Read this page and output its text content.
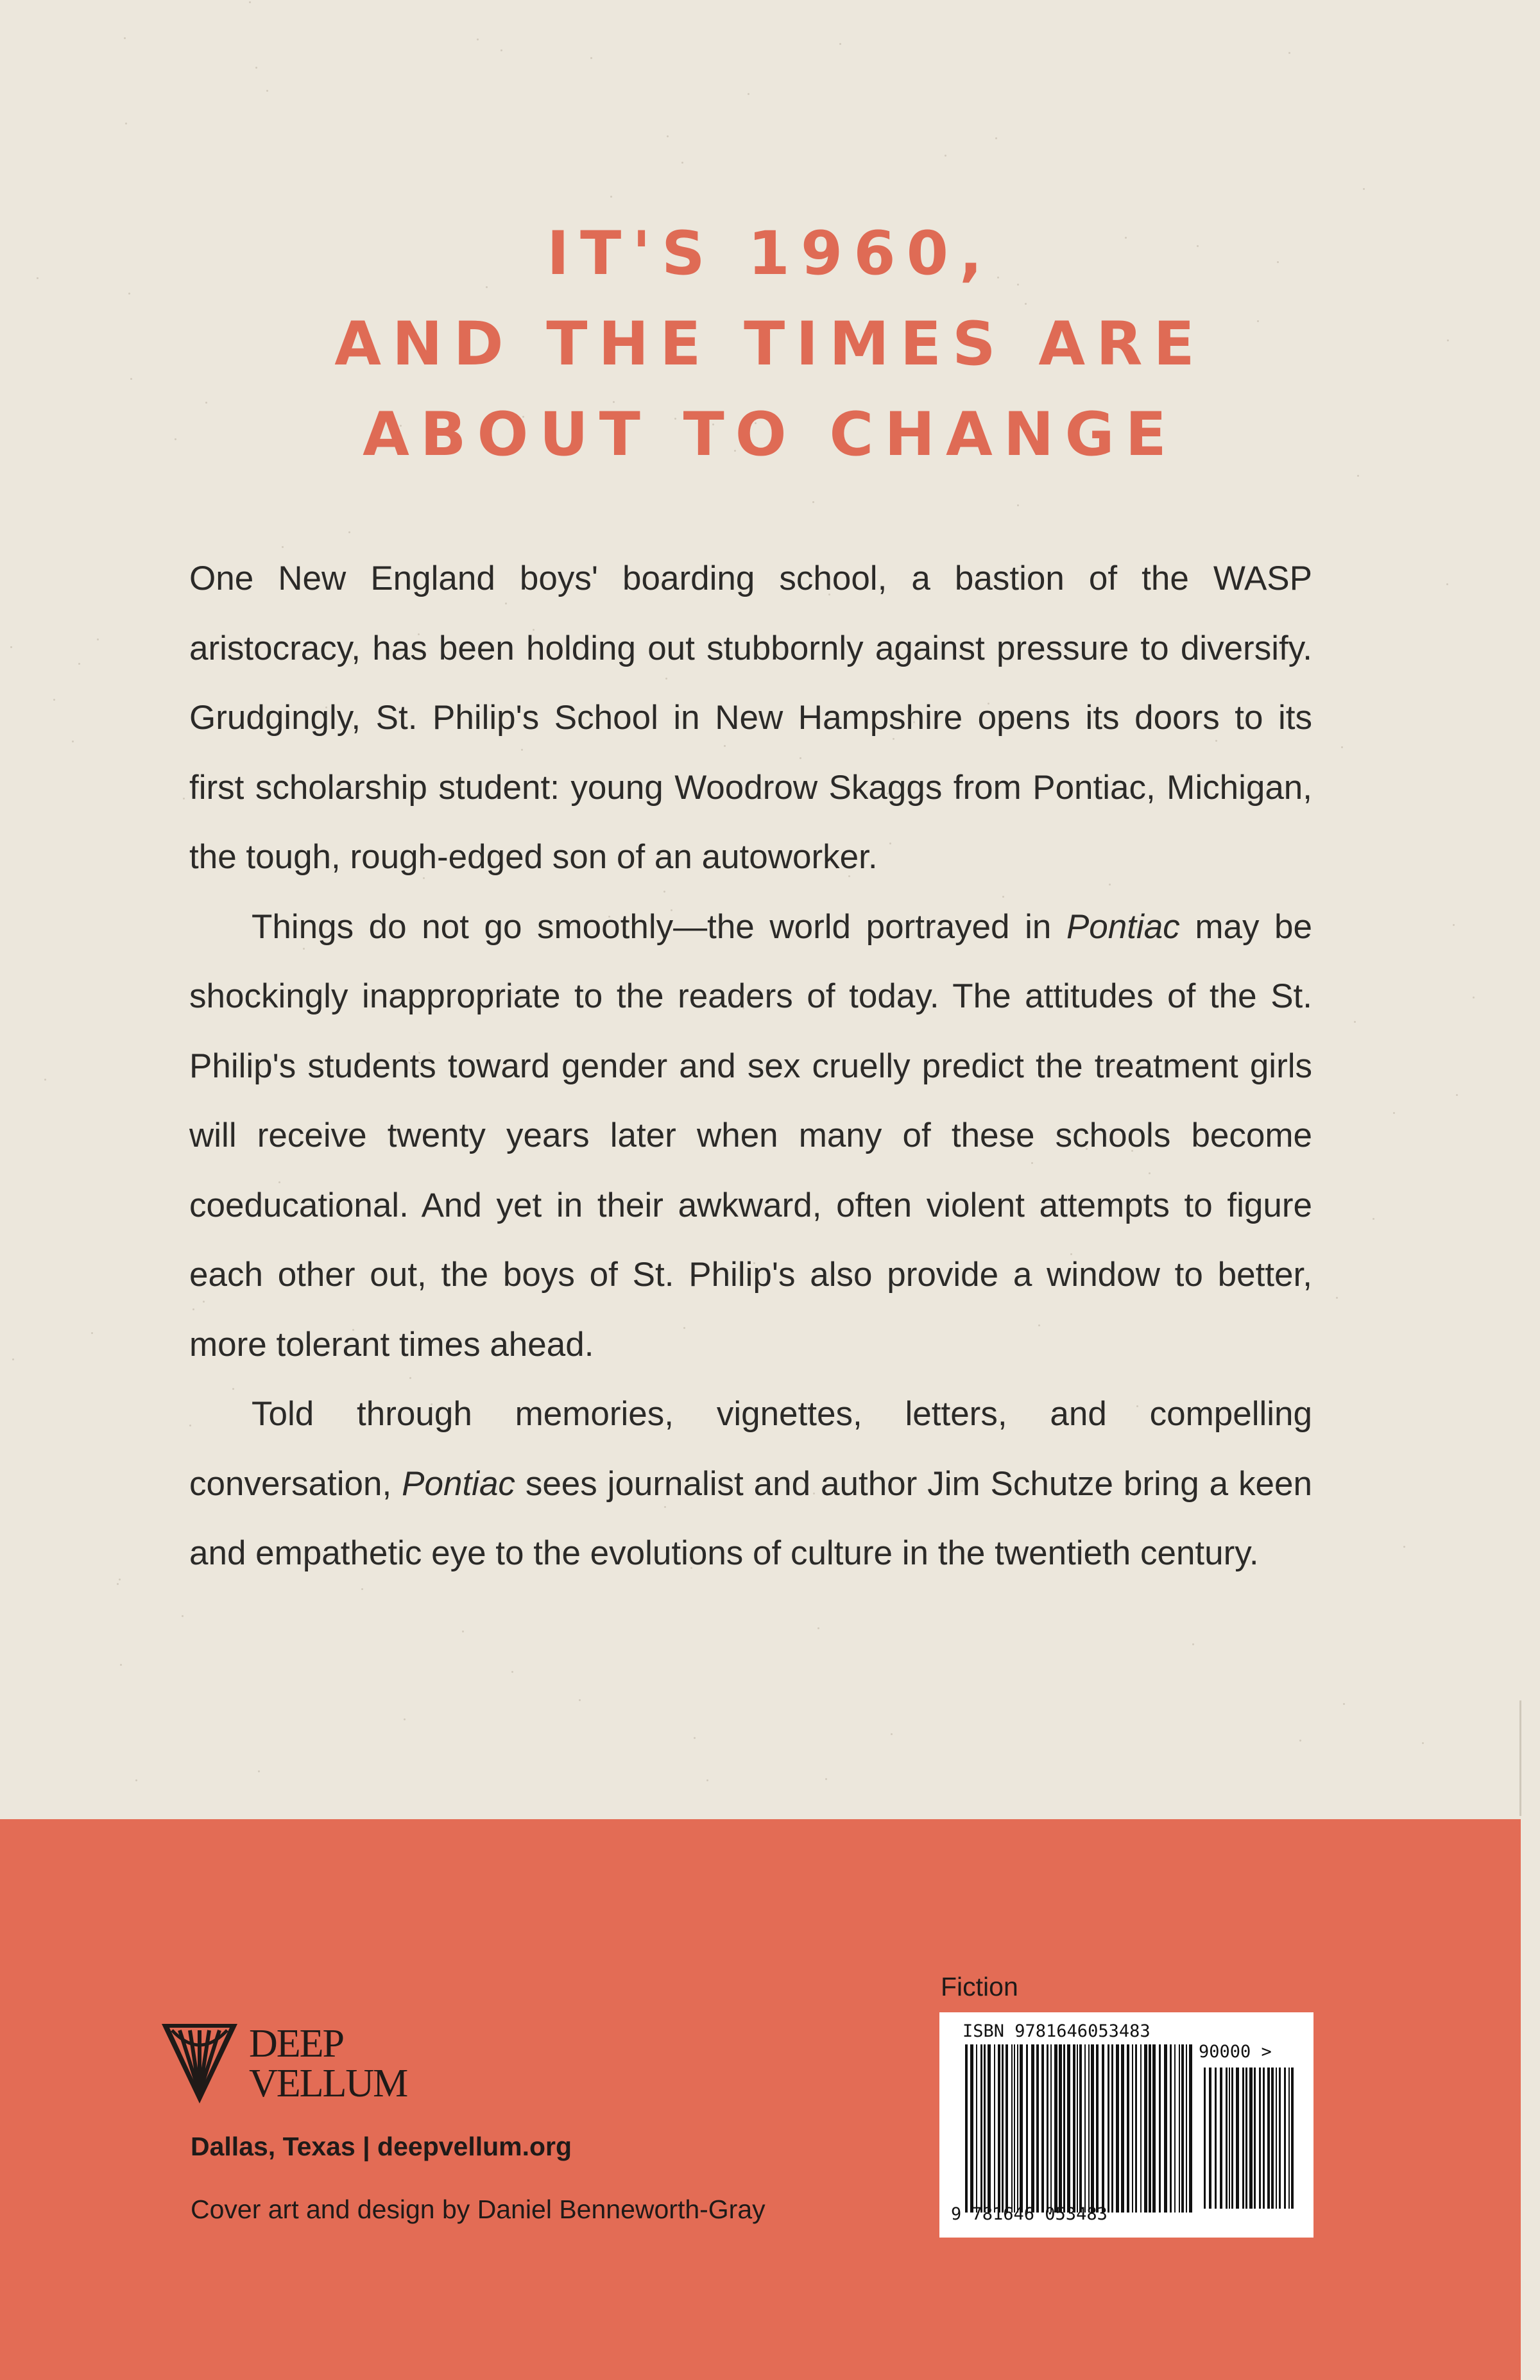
IT'S 1960,
AND THE TIMES ARE
ABOUT TO CHANGE

One New England boys' boarding school, a bastion of the WASP aristocracy, has been holding out stubbornly against pressure to diversify. Grudgingly, St. Philip's School in New Hampshire opens its doors to its first scholarship student: young Woodrow Skaggs from Pontiac, Michigan, the tough, rough-edged son of an autoworker.

Things do not go smoothly—the world portrayed in Pontiac may be shockingly inappropriate to the readers of today. The attitudes of the St. Philip's students toward gender and sex cruelly predict the treatment girls will receive twenty years later when many of these schools become coeducational. And yet in their awkward, often violent attempts to figure each other out, the boys of St. Philip's also provide a window to better, more tolerant times ahead.

Told through memories, vignettes, letters, and compelling conversation, Pontiac sees journalist and author Jim Schutze bring a keen and empathetic eye to the evolutions of culture in the twentieth century.

DEEP
VELLUM
Dallas, Texas | deepvellum.org
Cover art and design by Daniel Benneworth-Gray
Fiction
ISBN 9781646053483
90000 >
9 781646 053483
